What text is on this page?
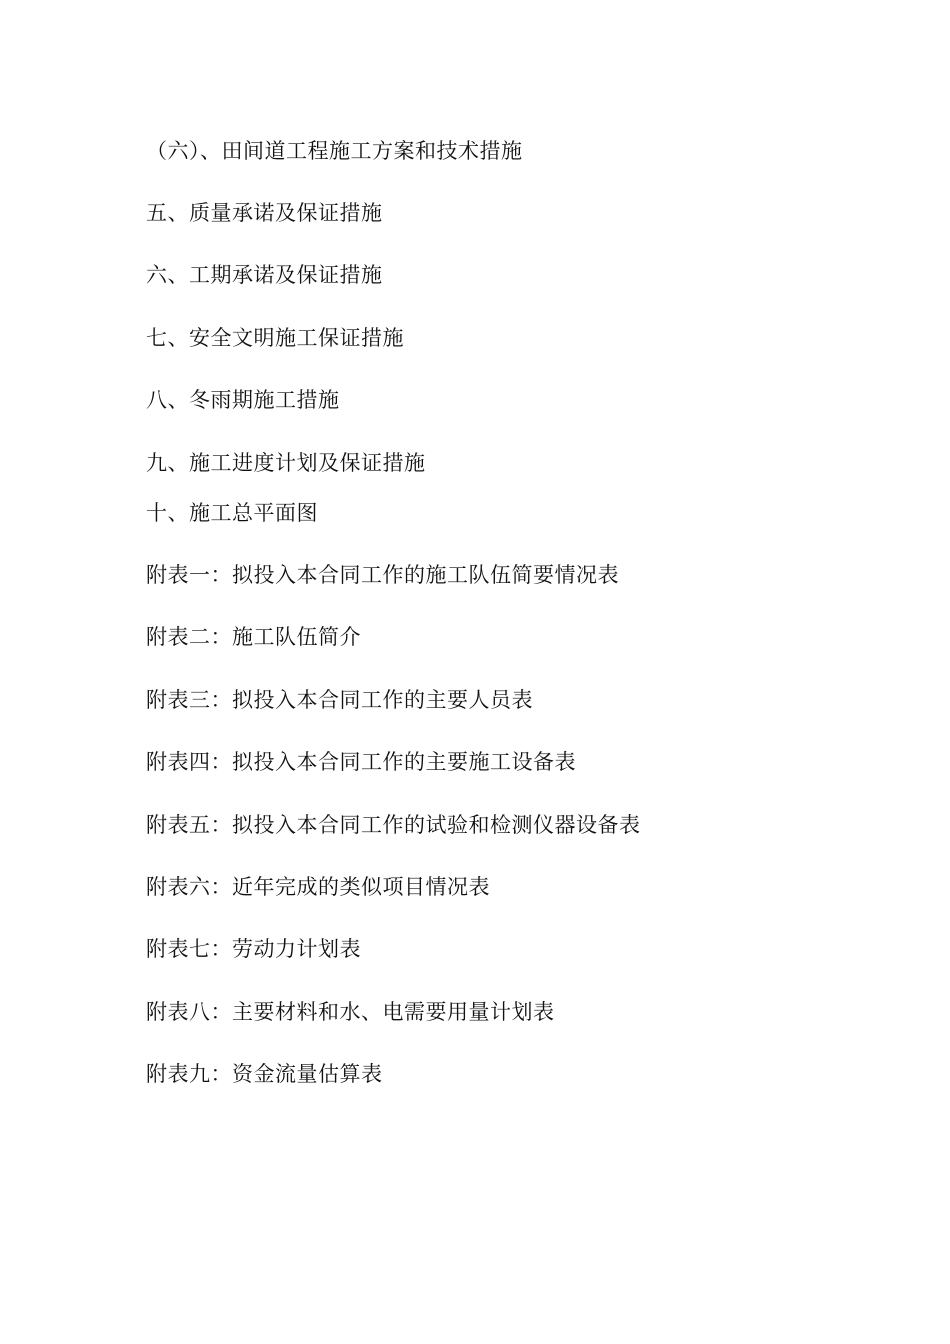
（六）、田间道工程施工方案和技术措施
五、质量承诺及保证措施
六、工期承诺及保证措施
七、安全文明施工保证措施
八、冬雨期施工措施
九、施工进度计划及保证措施
十、施工总平面图
附表一：拟投入本合同工作的施工队伍简要情况表
附表二：施工队伍简介
附表三：拟投入本合同工作的主要人员表
附表四：拟投入本合同工作的主要施工设备表
附表五：拟投入本合同工作的试验和检测仪器设备表
附表六：近年完成的类似项目情况表
附表七：劳动力计划表
附表八：主要材料和水、电需要用量计划表
附表九：资金流量估算表
